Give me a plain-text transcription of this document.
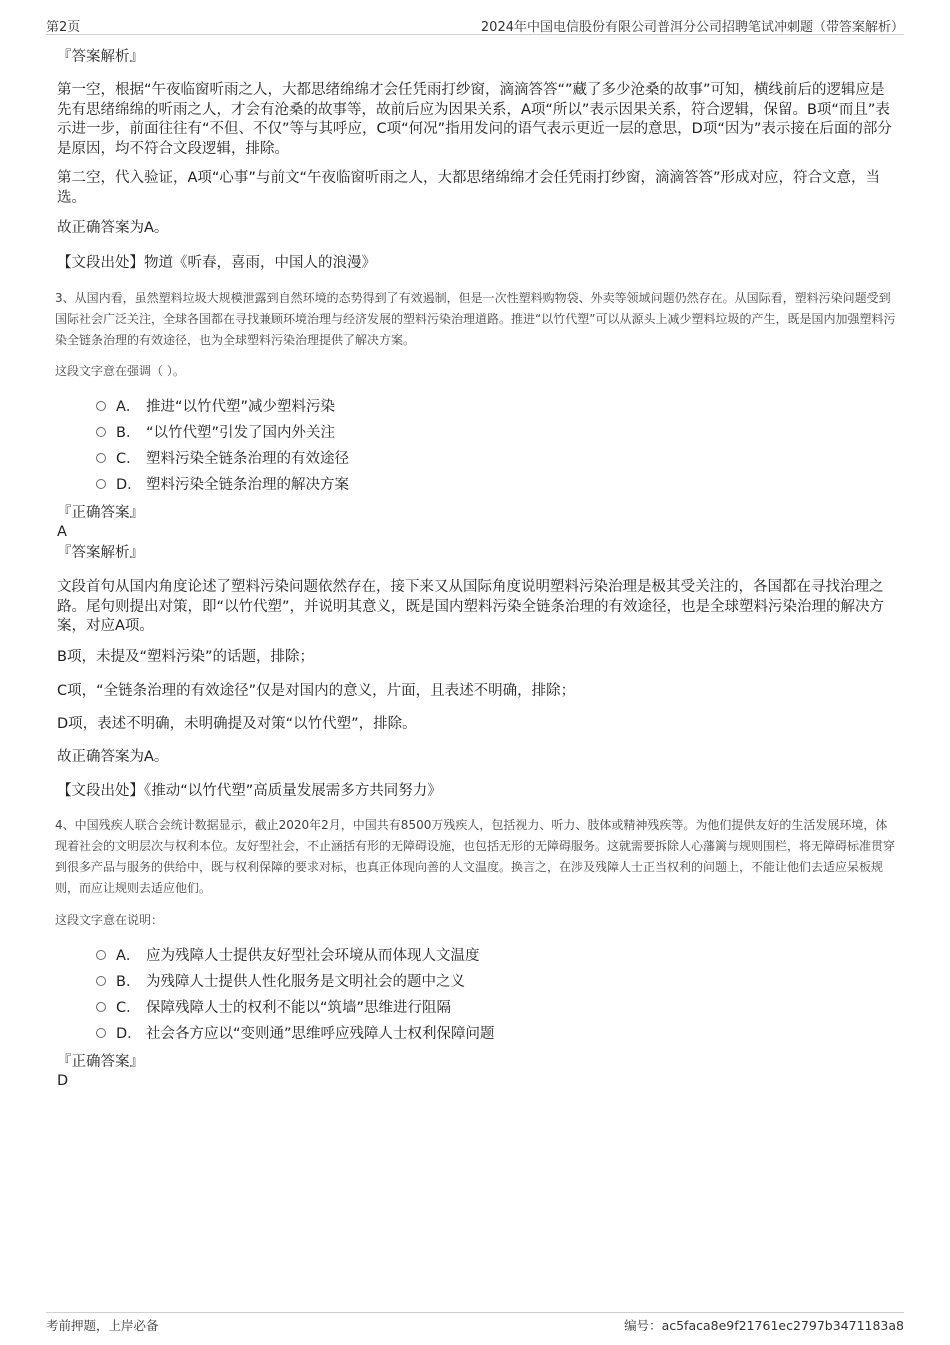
第2页	2024年中国电信股份有限公司普洱分公司招聘笔试冲刺题（带答案解析）

『答案解析』

第一空，根据“午夜临窗听雨之人，大都思绪绵绵才会任凭雨打纱窗，滴滴答答“”藏了多少沧桑的故事”可知，横线前后的逻辑应是先有思绪绵绵的听雨之人，才会有沧桑的故事等，故前后应为因果关系，A项“所以”表示因果关系，符合逻辑，保留。B项“而且”表示进一步，前面往往有“不但、不仅”等与其呼应，C项“何况”指用发问的语气表示更近一层的意思，D项“因为”表示接在后面的部分是原因，均不符合文段逻辑，排除。

第二空，代入验证，A项“心事”与前文“午夜临窗听雨之人，大都思绪绵绵才会任凭雨打纱窗，滴滴答答”形成对应，符合文意，当选。

故正确答案为A。

【文段出处】物道《听春，喜雨，中国人的浪漫》

3、从国内看，虽然塑料垃圾大规模泄露到自然环境的态势得到了有效遏制，但是一次性塑料购物袋、外卖等领域问题仍然存在。从国际看，塑料污染问题受到国际社会广泛关注，全球各国都在寻找兼顾环境治理与经济发展的塑料污染治理道路。推进“以竹代塑”可以从源头上减少塑料垃圾的产生，既是国内加强塑料污染全链条治理的有效途径，也为全球塑料污染治理提供了解决方案。

这段文字意在强调（ ）。

A． 推进“以竹代塑”减少塑料污染
B． “以竹代塑”引发了国内外关注
C． 塑料污染全链条治理的有效途径
D． 塑料污染全链条治理的解决方案

『正确答案』

A

『答案解析』

文段首句从国内角度论述了塑料污染问题依然存在，接下来又从国际角度说明塑料污染治理是极其受关注的，各国都在寻找治理之路。尾句则提出对策，即“以竹代塑”，并说明其意义，既是国内塑料污染全链条治理的有效途径，也是全球塑料污染治理的解决方案，对应A项。

B项，未提及“塑料污染”的话题，排除；

C项，“全链条治理的有效途径”仅是对国内的意义，片面，且表述不明确，排除；

D项，表述不明确，未明确提及对策“以竹代塑”，排除。

故正确答案为A。

【文段出处】《推动“以竹代塑”高质量发展需多方共同努力》

4、中国残疾人联合会统计数据显示，截止2020年2月，中国共有8500万残疾人，包括视力、听力、肢体或精神残疾等。为他们提供友好的生活发展环境，体现着社会的文明层次与权利本位。友好型社会，不止涵括有形的无障碍设施，也包括无形的无障碍服务。这就需要拆除人心藩篱与规则围栏，将无障碍标准贯穿到很多产品与服务的供给中，既与权利保障的要求对标，也真正体现向善的人文温度。换言之，在涉及残障人士正当权利的问题上，不能让他们去适应呆板规则，而应让规则去适应他们。

这段文字意在说明：

A． 应为残障人士提供友好型社会环境从而体现人文温度
B． 为残障人士提供人性化服务是文明社会的题中之义
C． 保障残障人士的权利不能以“筑墙”思维进行阻隔
D． 社会各方应以“变则通”思维呼应残障人士权利保障问题

『正确答案』

D

考前押题，上岸必备	编号：ac5faca8e9f21761ec2797b3471183a8
